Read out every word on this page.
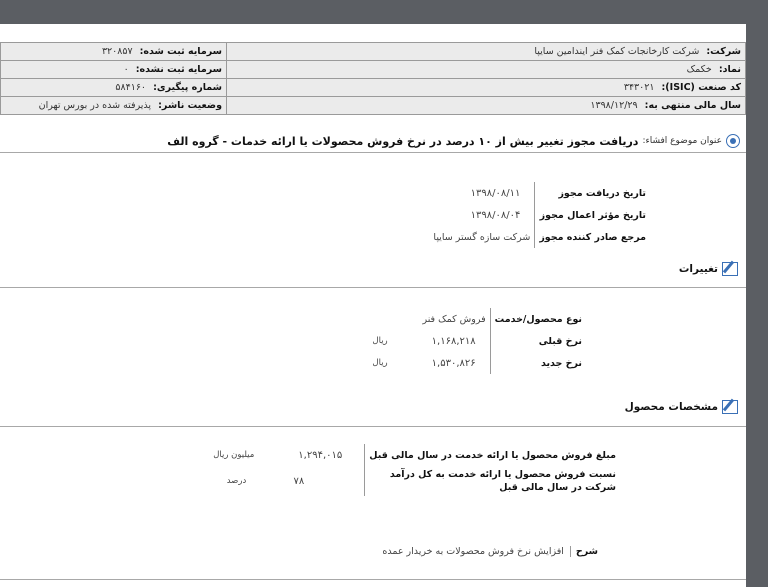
شرکت: شرکت کارخانجات کمک فنر ایندامین سایپا	سرمایه ثبت شده: ۳۲۰۸۵۷
نماد: خکمک	سرمایه ثبت نشده: ۰
کد صنعت (ISIC): ۳۴۳۰۲۱	شماره پیگیری: ۵۸۴۱۶۰
سال مالی منتهی به: ۱۳۹۸/۱۲/۲۹	وضعیت ناشر: پذیرفته شده در بورس تهران
عنوان موضوع افشاء:
دریافت مجوز تغییر بیش از ۱۰ درصد در نرخ فروش محصولات یا ارائه خدمات - گروه الف
تاریخ دریافت مجوز	۱۳۹۸/۰۸/۱۱
تاریخ مؤثر اعمال مجوز	۱۳۹۸/۰۸/۰۴
مرجع صادر کننده مجوز	شرکت سازه گستر سایپا
تغییرات
نوع محصول/خدمت	فروش کمک فنر	
نرخ قبلی	۱,۱۶۸,۲۱۸	ریال
نرخ جدید	۱,۵۳۰,۸۲۶	ریال
مشخصات محصول
مبلغ فروش محصول یا ارائه خدمت در سال مالی قبل	۱,۲۹۴,۰۱۵	میلیون ریال

نسبت فروش محصول یا ارائه خدمت به کل درآمد
شرکت در سال مالی قبل	۷۸	درصد
شرح
افزایش نرخ فروش محصولات به خریدار عمده
